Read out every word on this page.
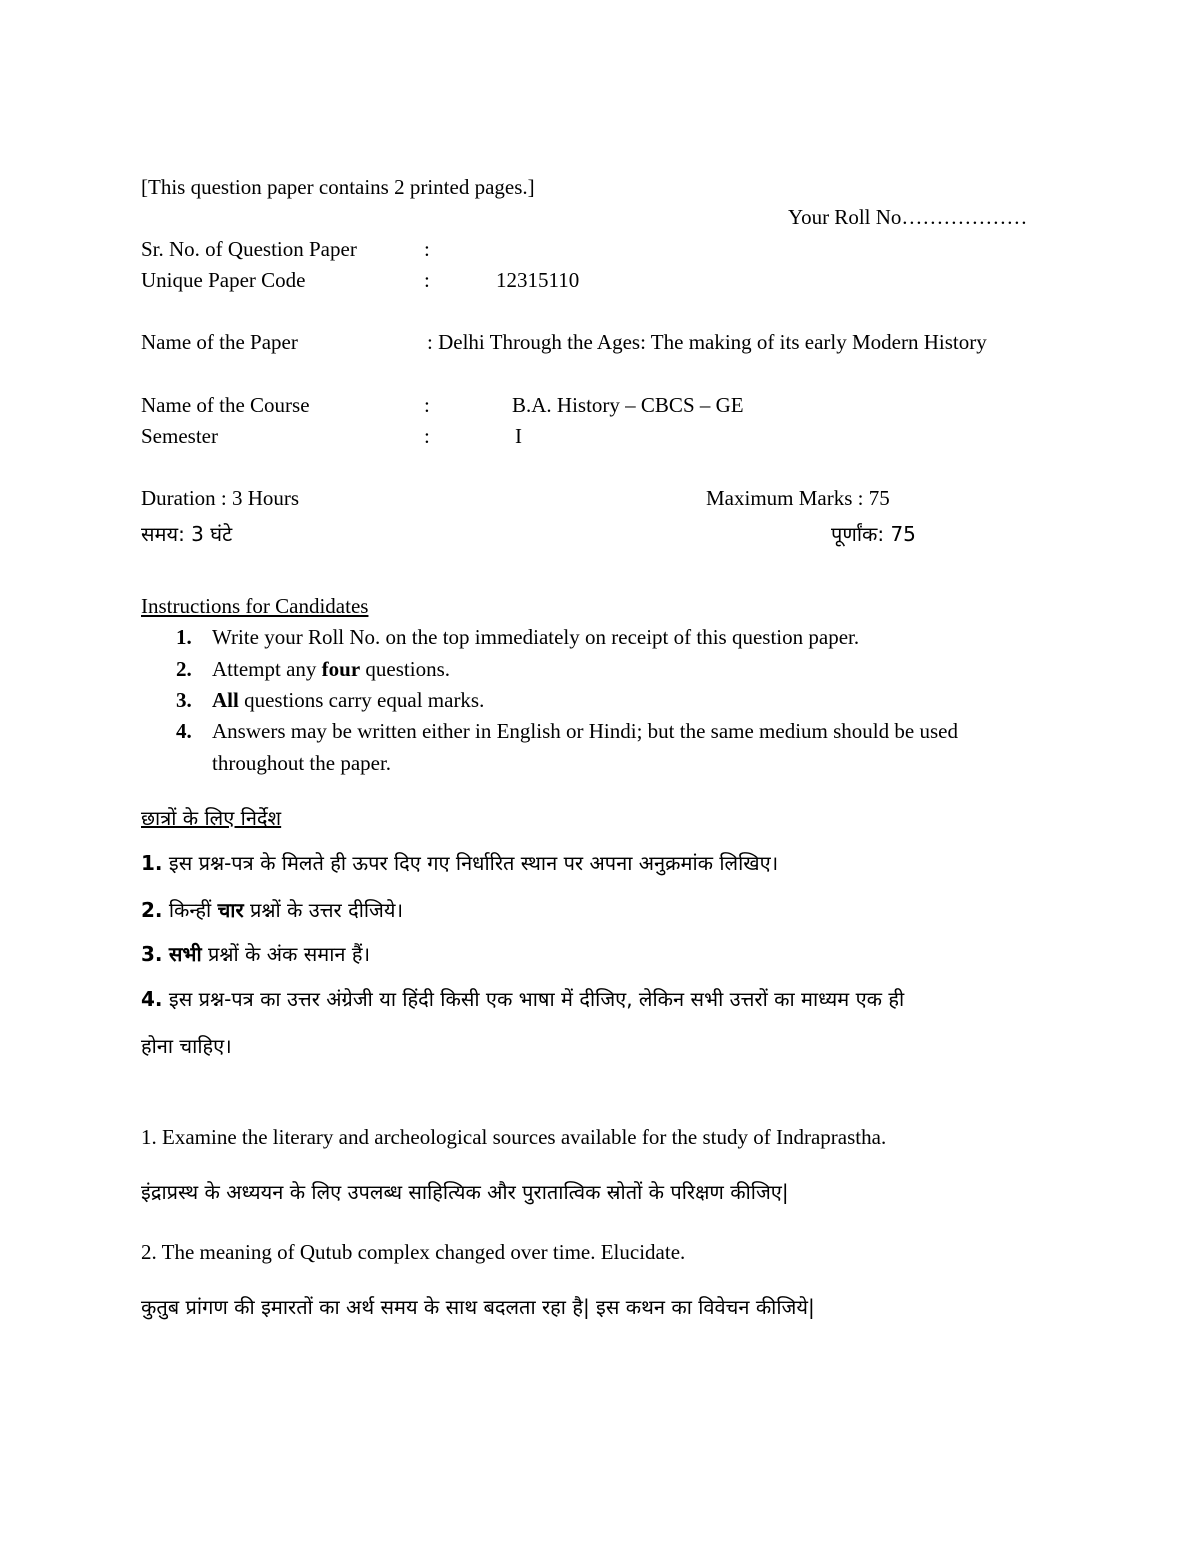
[This question paper contains 2 printed pages.]
Your Roll No………………
Sr. No. of Question Paper	:
Unique Paper Code	:	12315110
Name of the Paper	: Delhi Through the Ages: The making of its early Modern History
Name of the Course	:	B.A. History – CBCS – GE
Semester	:	I
Duration : 3 Hours	Maximum Marks : 75
समय: 3 घंटे	पूर्णांक: 75
Instructions for Candidates
1. Write your Roll No. on the top immediately on receipt of this question paper.
2. Attempt any four questions.
3. All questions carry equal marks.
4. Answers may be written either in English or Hindi; but the same medium should be used
throughout the paper.
छात्रों के लिए निर्देश
1. इस प्रश्न-पत्र के मिलते ही ऊपर दिए गए निर्धारित स्थान पर अपना अनुक्रमांक लिखिए।
2. किन्हीं चार प्रश्नों के उत्तर दीजिये।
3. सभी प्रश्नों के अंक समान हैं।
4. इस प्रश्न-पत्र का उत्तर अंग्रेजी या हिंदी किसी एक भाषा में दीजिए, लेकिन सभी उत्तरों का माध्यम एक ही
होना चाहिए।
1. Examine the literary and archeological sources available for the study of Indraprastha.
इंद्राप्रस्थ के अध्ययन के लिए उपलब्ध साहित्यिक और पुरातात्विक स्रोतों के परिक्षण कीजिए|
2. The meaning of Qutub complex changed over time. Elucidate.
कुतुब प्रांगण की इमारतों का अर्थ समय के साथ बदलता रहा है| इस कथन का विवेचन कीजिये|
